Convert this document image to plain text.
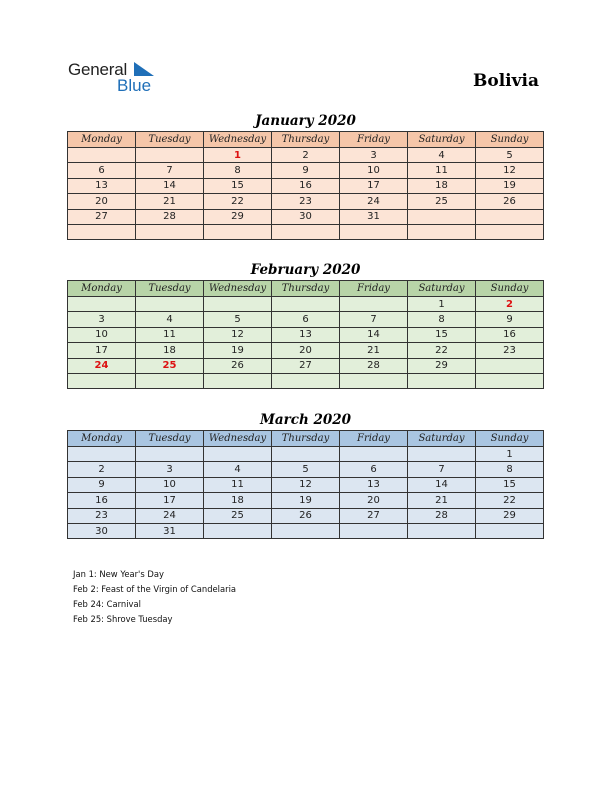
General
Blue	Bolivia
January 2020
Monday	Tuesday	Wednesday	Thursday	Friday	Saturday	Sunday
		1	2	3	4	5
6	7	8	9	10	11	12
13	14	15	16	17	18	19
20	21	22	23	24	25	26
27	28	29	30	31		

February 2020
Monday	Tuesday	Wednesday	Thursday	Friday	Saturday	Sunday
					1	2
3	4	5	6	7	8	9
10	11	12	13	14	15	16
17	18	19	20	21	22	23
24	25	26	27	28	29	

March 2020
Monday	Tuesday	Wednesday	Thursday	Friday	Saturday	Sunday
						1
2	3	4	5	6	7	8
9	10	11	12	13	14	15
16	17	18	19	20	21	22
23	24	25	26	27	28	29
30	31					
Jan 1: New Year's Day
Feb 2: Feast of the Virgin of Candelaria
Feb 24: Carnival
Feb 25: Shrove Tuesday
